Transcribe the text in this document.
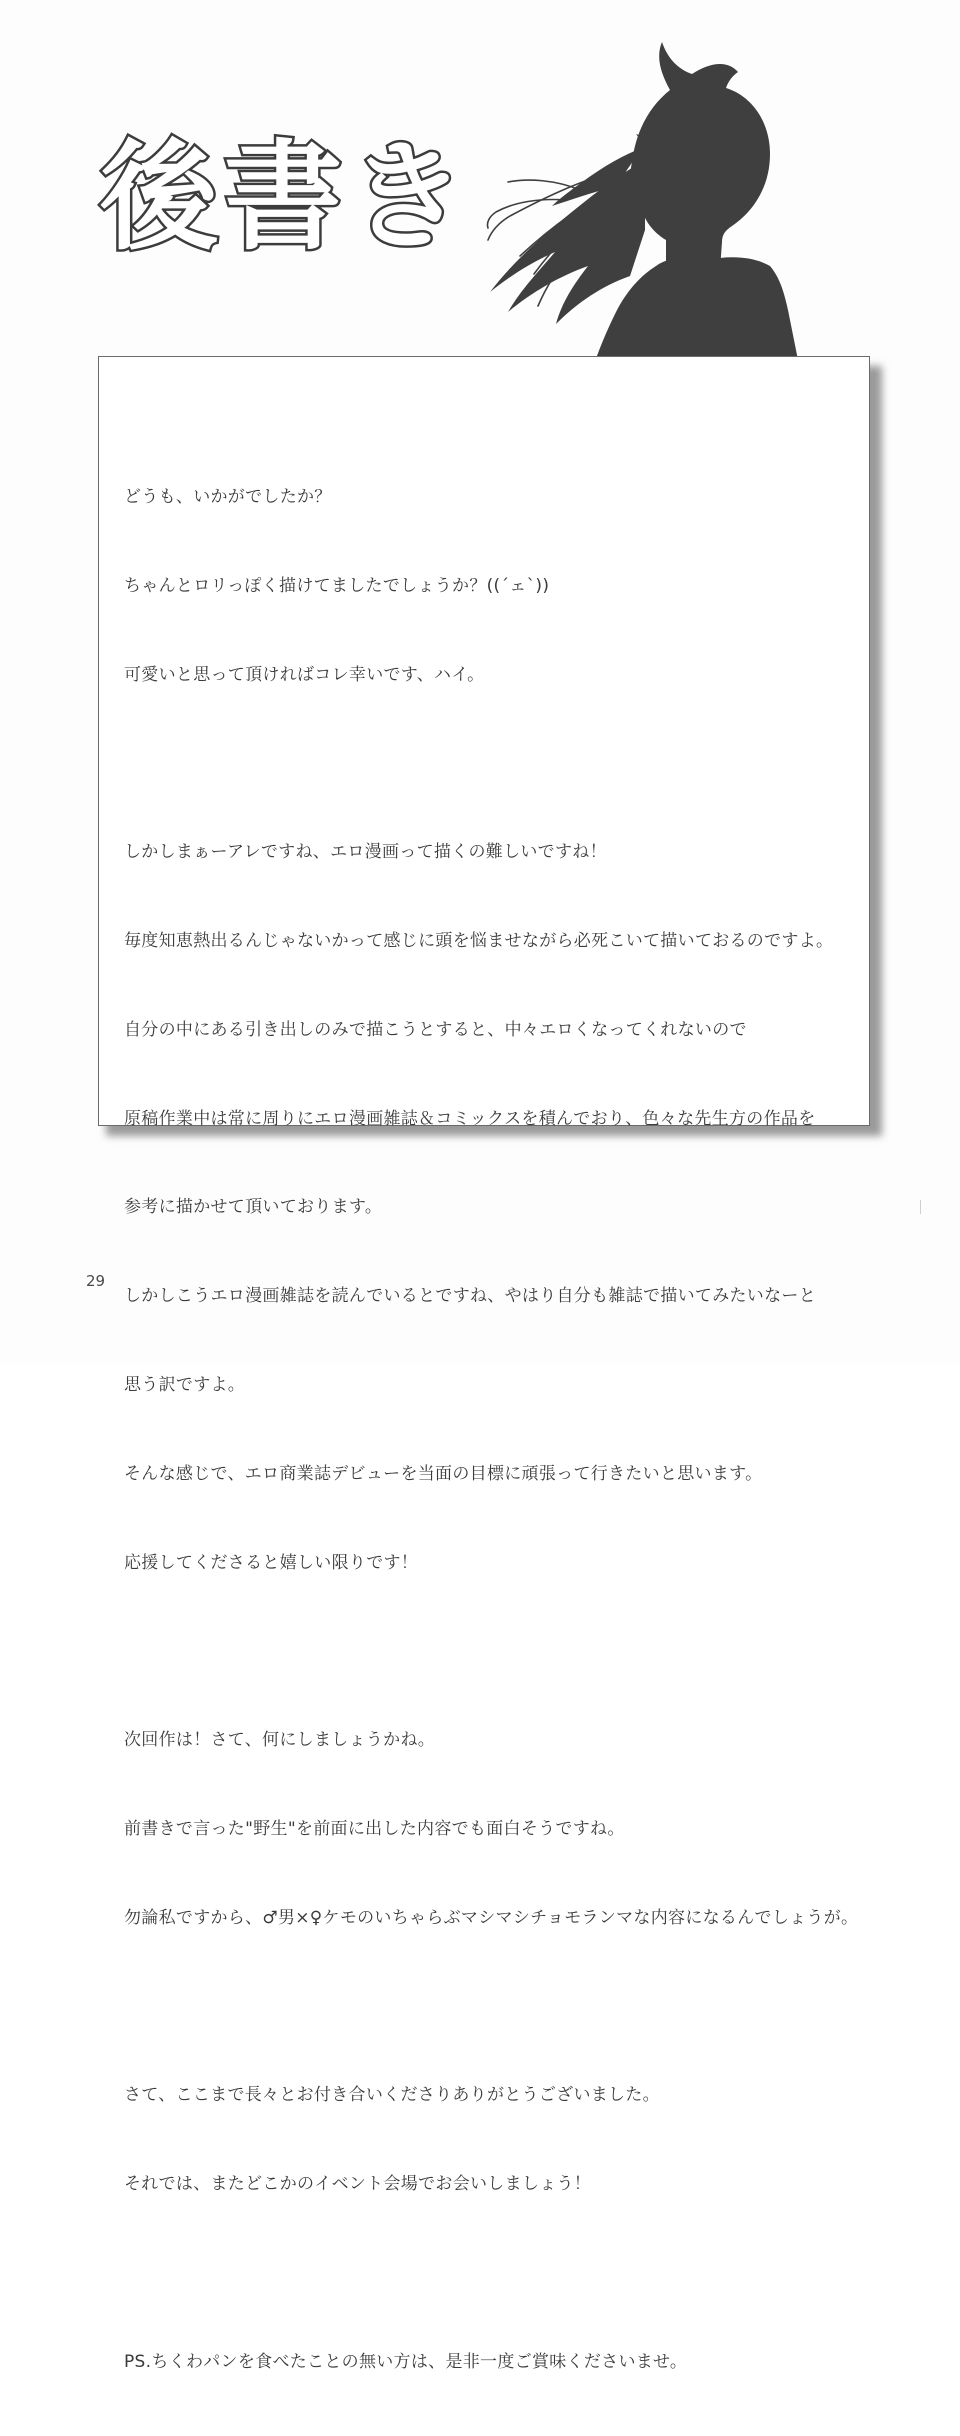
後書き

どうも、いかがでしたか？

ちゃんとロリっぽく描けてましたでしょうか？((´ェ`))

可愛いと思って頂ければコレ幸いです、ハイ。

しかしまぁーアレですね、エロ漫画って描くの難しいですね！

毎度知恵熱出るんじゃないかって感じに頭を悩ませながら必死こいて描いておるのですよ。

自分の中にある引き出しのみで描こうとすると、中々エロくなってくれないので

原稿作業中は常に周りにエロ漫画雑誌＆コミックスを積んでおり、色々な先生方の作品を

参考に描かせて頂いております。

しかしこうエロ漫画雑誌を読んでいるとですね、やはり自分も雑誌で描いてみたいなーと

思う訳ですよ。

そんな感じで、エロ商業誌デビューを当面の目標に頑張って行きたいと思います。

応援してくださると嬉しい限りです！

次回作は！さて、何にしましょうかね。

前書きで言った"野生"を前面に出した内容でも面白そうですね。

勿論私ですから、♂男×♀ケモのいちゃらぶマシマシチョモランマな内容になるんでしょうが。

さて、ここまで長々とお付き合いくださりありがとうございました。

それでは、またどこかのイベント会場でお会いしましょう！

PS.ちくわパンを食べたことの無い方は、是非一度ご賞味くださいませ。

29
